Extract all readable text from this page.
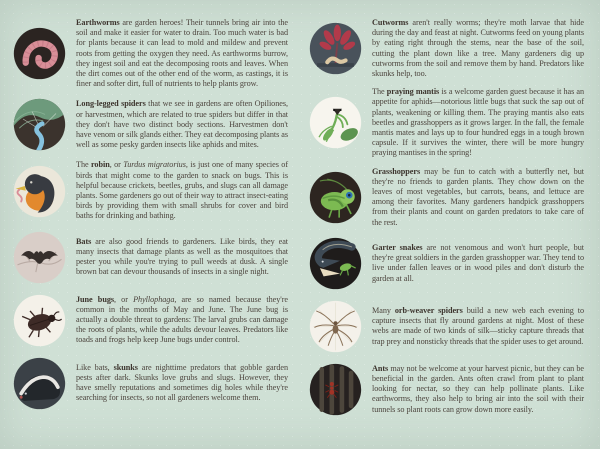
Earthworms are garden heroes! Their tunnels bring air into the soil and make it easier for water to drain. Too much water is bad for plants because it can lead to mold and mildew and prevent roots from getting the oxygen they need. As earthworms burrow, they ingest soil and eat the decomposing roots and leaves. When the dirt comes out of the other end of the worm, as castings, it is finer and softer dirt, full of nutrients to help plants grow.

Long-legged spiders that we see in gardens are often Opiliones, or harvestmen, which are related to true spiders but differ in that they don't have two distinct body sections. Harvestmen don't have venom or silk glands either. They eat decomposing plants as well as some pesky garden insects like aphids and mites.

The robin, or Turdus migratorius, is just one of many species of birds that might come to the garden to snack on bugs. This is helpful because crickets, beetles, grubs, and slugs can all damage plants. Some gardeners go out of their way to attract insect-eating birds by providing them with small shrubs for cover and bird baths for drinking and bathing.

Bats are also good friends to gardeners. Like birds, they eat many insects that damage plants as well as the mosquitoes that pester you while you're trying to pull weeds at dusk. A single brown bat can devour thousands of insects in a single night.

June bugs, or Phyllophaga, are so named because they're common in the months of May and June. The June bug is actually a double threat to gardens: The larval grubs can damage the roots of plants, while the adults devour leaves. Predators like toads and frogs help keep June bugs under control.

Like bats, skunks are nighttime predators that gobble garden pests after dark. Skunks love grubs and slugs. However, they have smelly reputations and sometimes dig holes while they're searching for insects, so not all gardeners welcome them.

Cutworms aren't really worms; they're moth larvae that hide during the day and feast at night. Cutworms feed on young plants by eating right through the stems, near the base of the soil, cutting the plant down like a tree. Many gardeners dig up cutworms from the soil and remove them by hand. Predators like skunks help, too.

The praying mantis is a welcome garden guest because it has an appetite for aphids—notorious little bugs that suck the sap out of plants, weakening or killing them. The praying mantis also eats beetles and grasshoppers as it grows larger. In the fall, the female mantis mates and lays up to four hundred eggs in a tough brown capsule. If it survives the winter, there will be more hungry praying mantises in the spring!

Grasshoppers may be fun to catch with a butterfly net, but they're no friends to garden plants. They chow down on the leaves of most vegetables, but carrots, beans, and lettuce are among their favorites. Many gardeners handpick grasshoppers from their plants and count on garden predators to take care of the rest.

Garter snakes are not venomous and won't hurt people, but they're great soldiers in the garden grasshopper war. They tend to live under fallen leaves or in wood piles and don't disturb the garden at all.

Many orb-weaver spiders build a new web each evening to capture insects that fly around gardens at night. Most of these webs are made of two kinds of silk—sticky capture threads that trap prey and nonsticky threads that the spider uses to get around.

Ants may not be welcome at your harvest picnic, but they can be beneficial in the garden. Ants often crawl from plant to plant looking for nectar, so they can help pollinate plants. Like earthworms, they also help to bring air into the soil with their tunnels so plant roots can grow down more easily.
